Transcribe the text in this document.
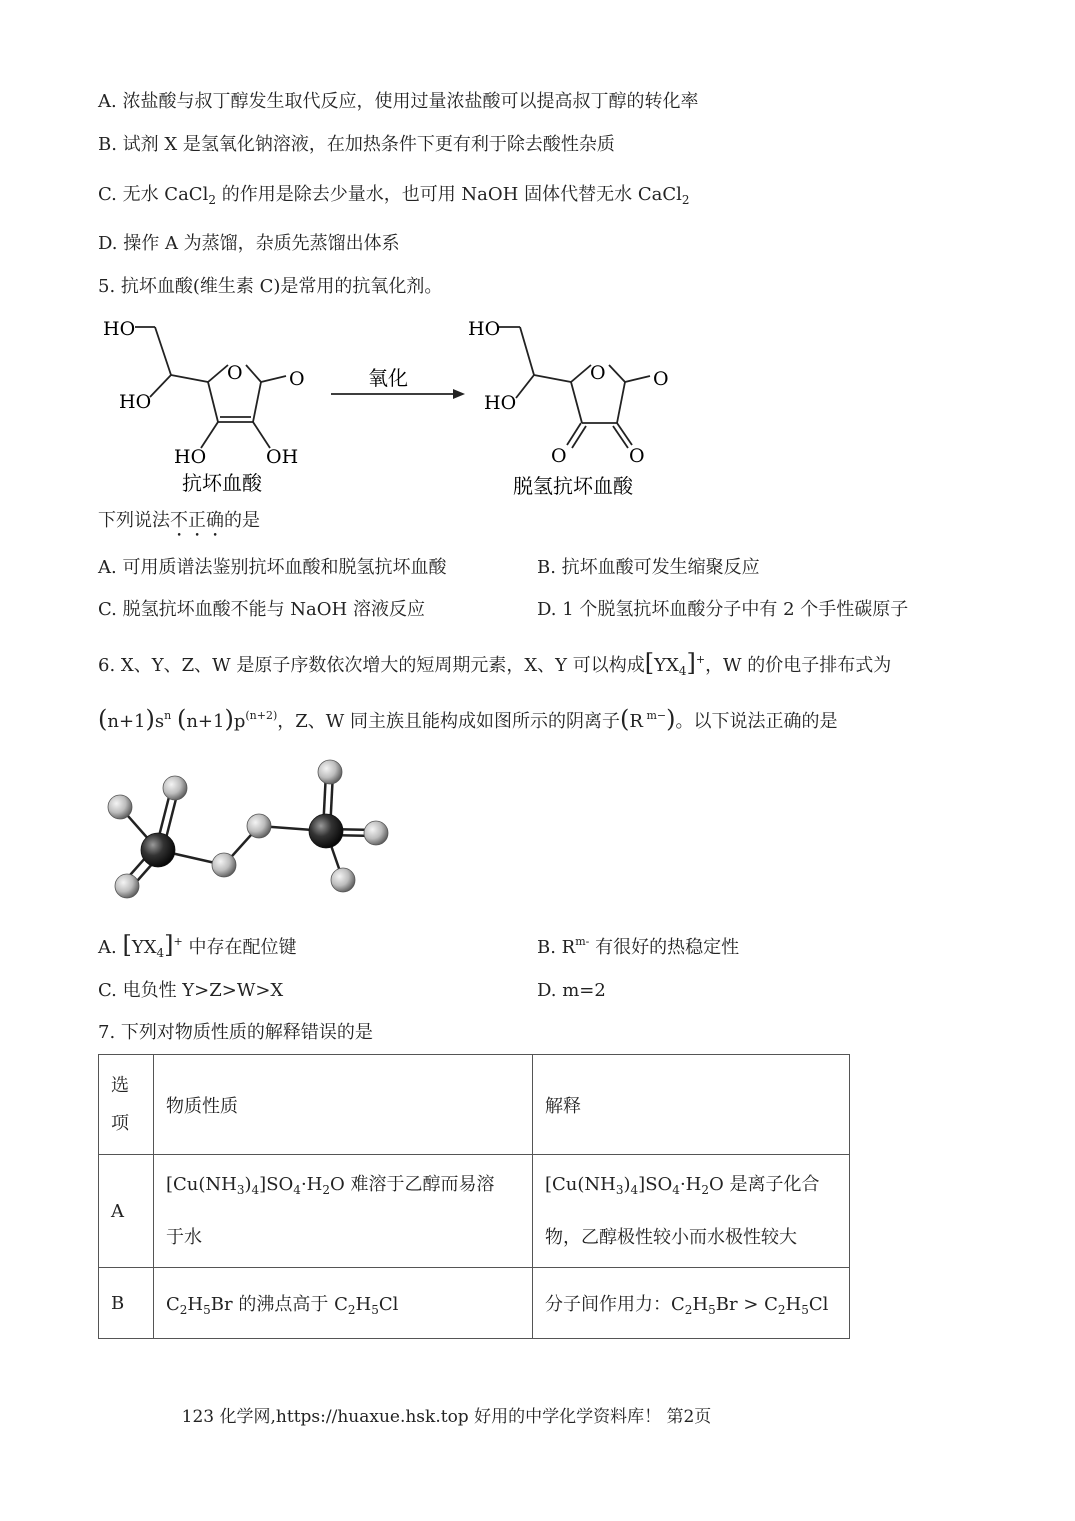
A. 浓盐酸与叔丁醇发生取代反应，使用过量浓盐酸可以提高叔丁醇的转化率
B. 试剂 X 是氢氧化钠溶液，在加热条件下更有利于除去酸性杂质
C. 无水 CaCl$_2$ 的作用是除去少量水，也可用 NaOH 固体代替无水 CaCl$_2$
D. 操作 A 为蒸馏，杂质先蒸馏出体系
5. 抗坏血酸(维生素 C)是常用的抗氧化剂。
HO
HO
O O
HO	OH
抗坏血酸
氧化
HO
HO
O O
O	O
脱氢抗坏血酸
下列说法不正确的是
A. 可用质谱法鉴别抗坏血酸和脱氢抗坏血酸	B. 抗坏血酸可发生缩聚反应
C. 脱氢抗坏血酸不能与 NaOH 溶液反应	D. 1 个脱氢抗坏血酸分子中有 2 个手性碳原子
6. X、Y、Z、W 是原子序数依次增大的短周期元素，X、Y 可以构成$[YX_4]^+$，W 的价电子排布式为
$(n+1)s^n$ $(n+1)p^{(n+2)}$，Z、W 同主族且能构成如图所示的阴离子(R $^{m-}$)。以下说法正确的是
A. $[YX_4]^+$ 中存在配位键	B. $R^{m-}$ 有很好的热稳定性
C. 电负性 Y>Z>W>X	D. m=2
7. 下列对物质性质的解释错误的是
选
项	物质性质	解释
A	$[Cu(NH_3)_4]SO_4\cdot H_2O$ 难溶于乙醇而易溶
于水	$[Cu(NH_3)_4]SO_4\cdot H_2O$ 是离子化合
物，乙醇极性较小而水极性较大
B	$C_2H_5Br$ 的沸点高于 $C_2H_5Cl$	分子间作用力：$C_2H_5Br > C_2H_5Cl$
123 化学网,https://huaxue.hsk.top 好用的中学化学资料库！ 第2页
